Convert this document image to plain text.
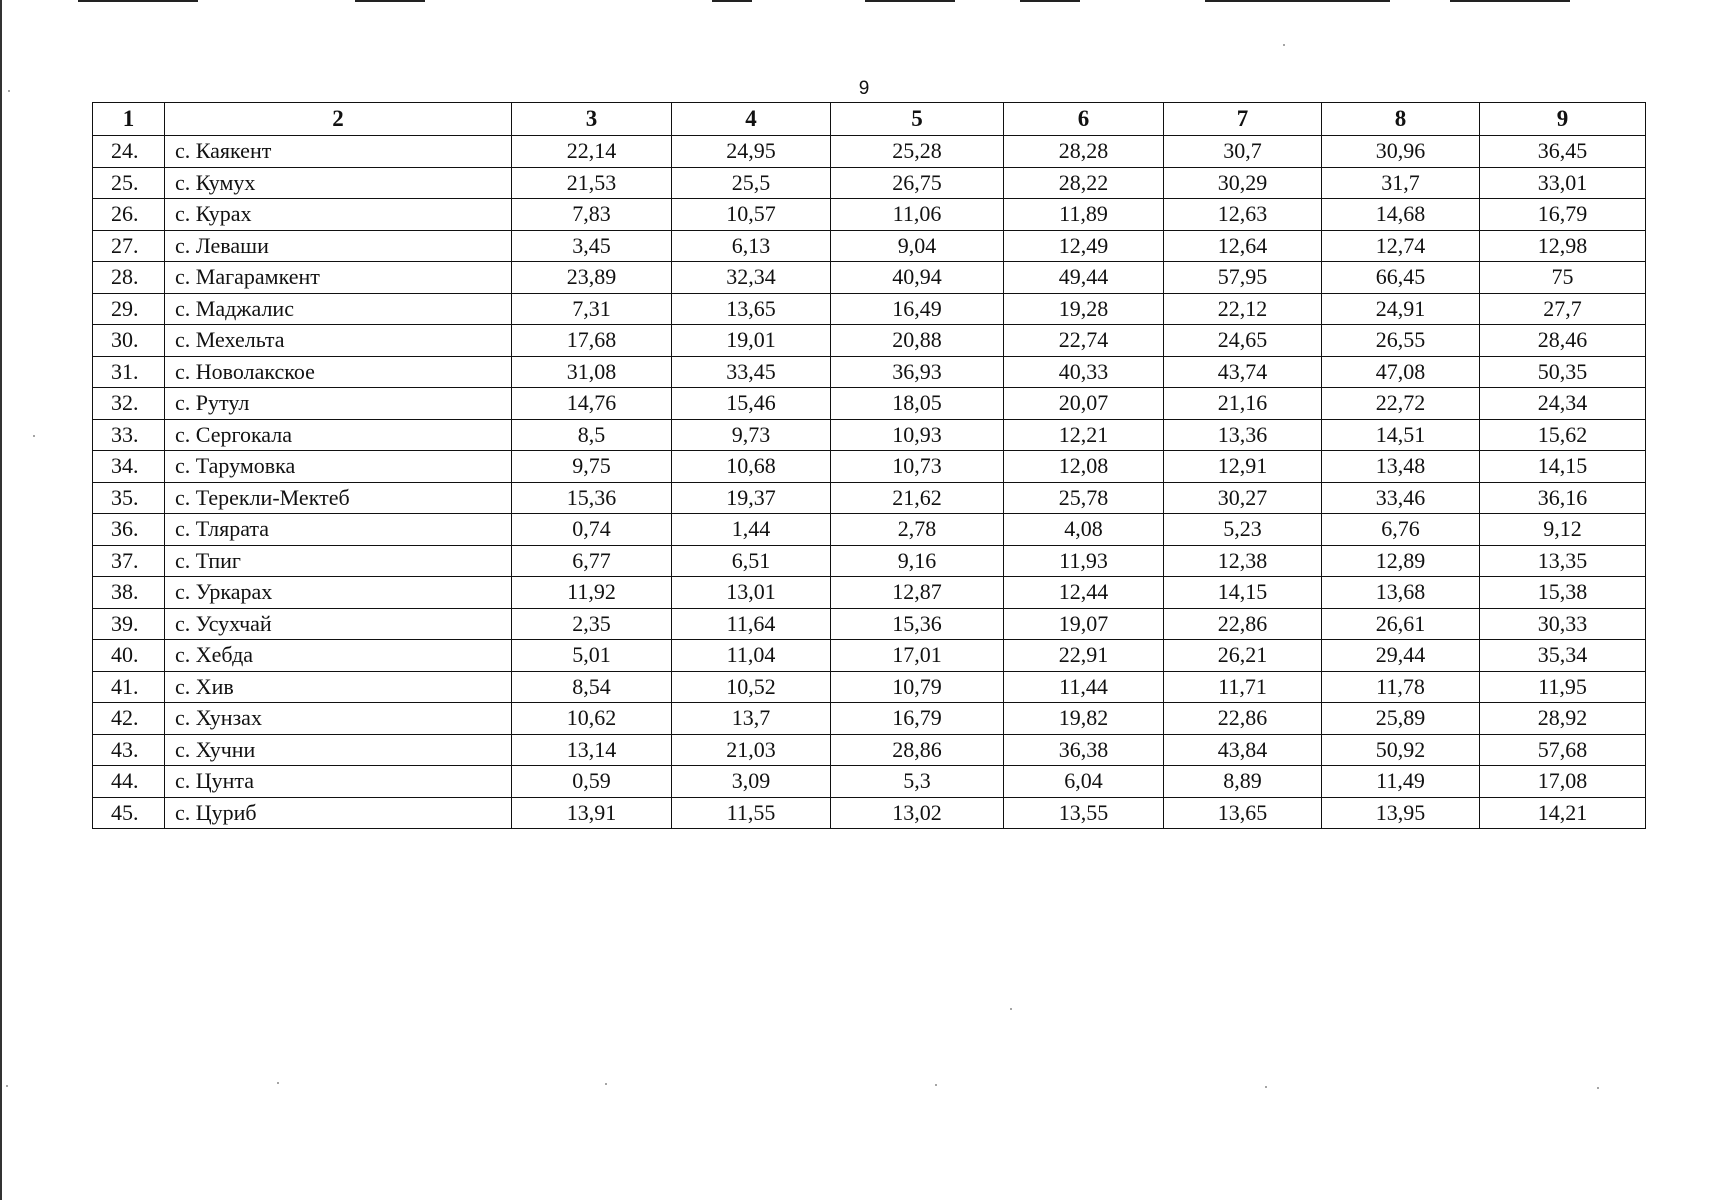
9
1	2	3	4	5	6	7	8	9
24.	с. Каякент	22,14	24,95	25,28	28,28	30,7	30,96	36,45
25.	с. Кумух	21,53	25,5	26,75	28,22	30,29	31,7	33,01
26.	с. Курах	7,83	10,57	11,06	11,89	12,63	14,68	16,79
27.	с. Леваши	3,45	6,13	9,04	12,49	12,64	12,74	12,98
28.	с. Магарамкент	23,89	32,34	40,94	49,44	57,95	66,45	75
29.	с. Маджалис	7,31	13,65	16,49	19,28	22,12	24,91	27,7
30.	с. Мехельта	17,68	19,01	20,88	22,74	24,65	26,55	28,46
31.	с. Новолакское	31,08	33,45	36,93	40,33	43,74	47,08	50,35
32.	с. Рутул	14,76	15,46	18,05	20,07	21,16	22,72	24,34
33.	с. Сергокала	8,5	9,73	10,93	12,21	13,36	14,51	15,62
34.	с. Тарумовка	9,75	10,68	10,73	12,08	12,91	13,48	14,15
35.	с. Терекли-Мектеб	15,36	19,37	21,62	25,78	30,27	33,46	36,16
36.	с. Тлярата	0,74	1,44	2,78	4,08	5,23	6,76	9,12
37.	с. Тпиг	6,77	6,51	9,16	11,93	12,38	12,89	13,35
38.	с. Уркарах	11,92	13,01	12,87	12,44	14,15	13,68	15,38
39.	с. Усухчай	2,35	11,64	15,36	19,07	22,86	26,61	30,33
40.	с. Хебда	5,01	11,04	17,01	22,91	26,21	29,44	35,34
41.	с. Хив	8,54	10,52	10,79	11,44	11,71	11,78	11,95
42.	с. Хунзах	10,62	13,7	16,79	19,82	22,86	25,89	28,92
43.	с. Хучни	13,14	21,03	28,86	36,38	43,84	50,92	57,68
44.	с. Цунта	0,59	3,09	5,3	6,04	8,89	11,49	17,08
45.	с. Цуриб	13,91	11,55	13,02	13,55	13,65	13,95	14,21
